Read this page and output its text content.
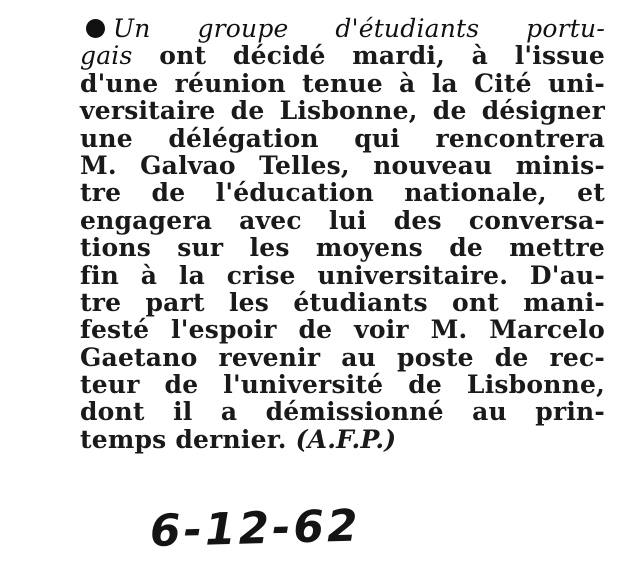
Un groupe d'étudiants portu-
gais ont décidé mardi, à l'issue
d'une réunion tenue à la Cité uni-
versitaire de Lisbonne, de désigner
une délégation qui rencontrera
M. Galvao Telles, nouveau minis-
tre de l'éducation nationale, et
engagera avec lui des conversa-
tions sur les moyens de mettre
fin à la crise universitaire. D'au-
tre part les étudiants ont mani-
festé l'espoir de voir M. Marcelo
Gaetano revenir au poste de rec-
teur de l'université de Lisbonne,
dont il a démissionné au prin-
temps dernier. (A.F.P.)
6-12-62
